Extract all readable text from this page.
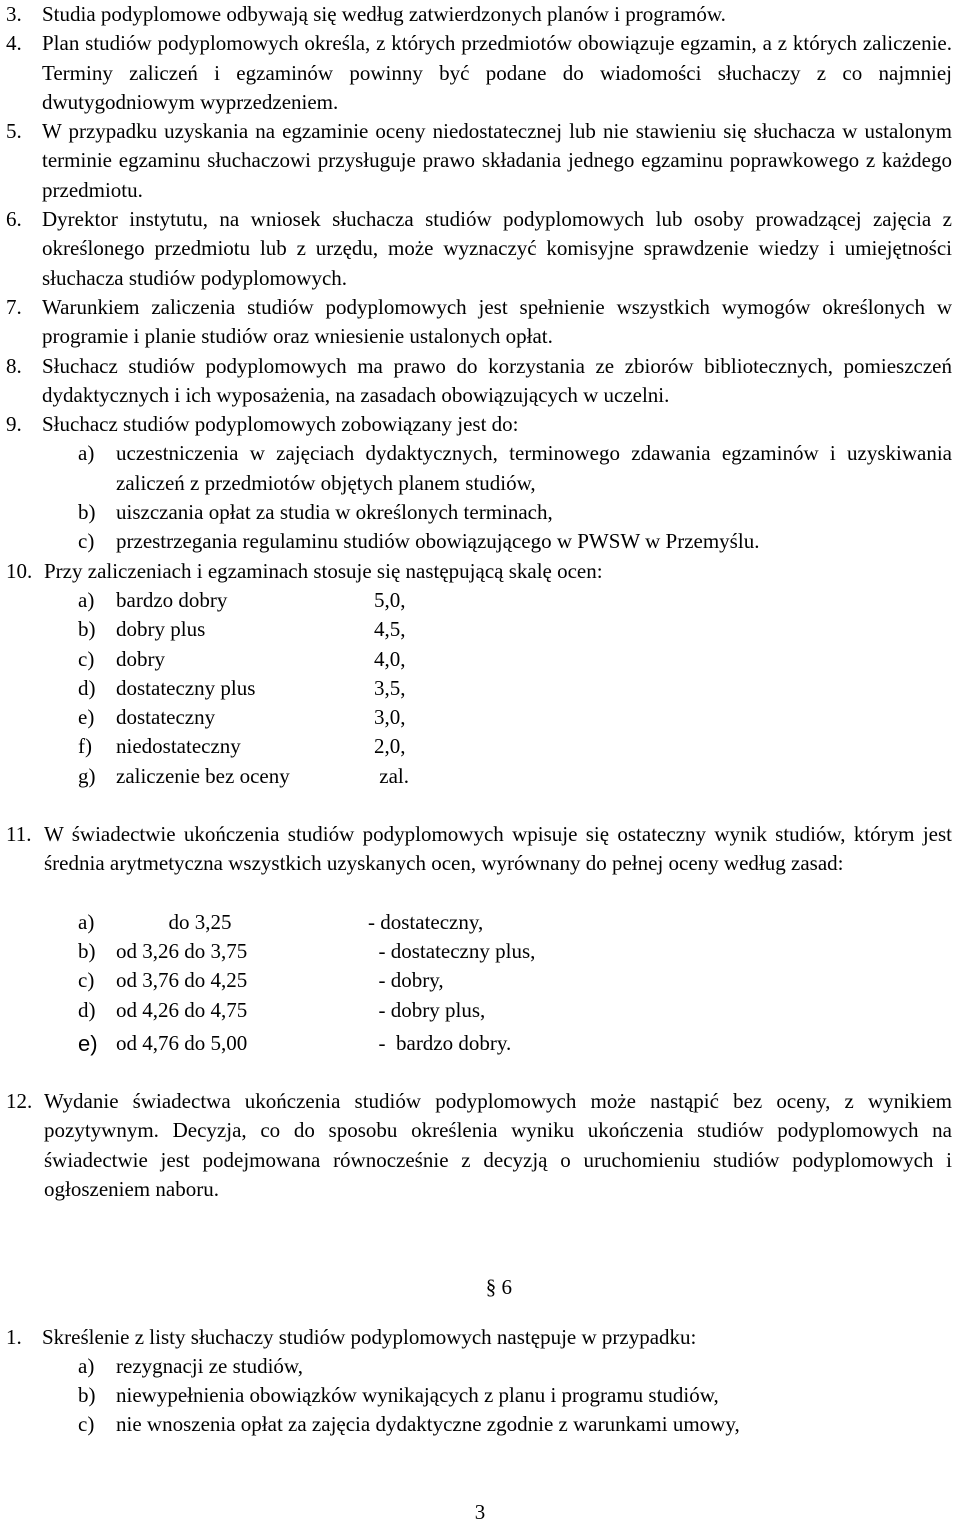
3. Studia podyplomowe odbywają się według zatwierdzonych planów i programów.
4. Plan studiów podyplomowych określa, z których przedmiotów obowiązuje egzamin, a z których zaliczenie. Terminy zaliczeń i egzaminów powinny być podane do wiadomości słuchaczy z co najmniej dwutygodniowym wyprzedzeniem.
5. W przypadku uzyskania na egzaminie oceny niedostatecznej lub nie stawieniu się słuchacza w ustalonym terminie egzaminu słuchaczowi przysługuje prawo składania jednego egzaminu poprawkowego z każdego przedmiotu.
6. Dyrektor instytutu, na wniosek słuchacza studiów podyplomowych lub osoby prowadzącej zajęcia z określonego przedmiotu lub z urzędu, może wyznaczyć komisyjne sprawdzenie wiedzy i umiejętności słuchacza studiów podyplomowych.
7. Warunkiem zaliczenia studiów podyplomowych jest spełnienie wszystkich wymogów określonych w programie i planie studiów oraz wniesienie ustalonych opłat.
8. Słuchacz studiów podyplomowych ma prawo do korzystania ze zbiorów bibliotecznych, pomieszczeń dydaktycznych i ich wyposażenia, na zasadach obowiązujących w uczelni.
9. Słuchacz studiów podyplomowych zobowiązany jest do:
a)	uczestniczenia w zajęciach dydaktycznych, terminowego zdawania egzaminów i uzyskiwania zaliczeń z przedmiotów objętych planem studiów,
b) uiszczania opłat za studia w określonych terminach,
c)	przestrzegania regulaminu studiów obowiązującego w PWSW w Przemyślu.
10. Przy zaliczeniach i egzaminach stosuje się następującą skalę ocen:
a)	bardzo dobry	5,0,
b) dobry plus	4,5,
c)	dobry	4,0,
d) dostateczny plus	3,5,
e)	dostateczny	3,0,
f)	niedostateczny	2,0,
g) zaliczenie bez oceny	zal.
11. W świadectwie ukończenia studiów podyplomowych wpisuje się ostateczny wynik studiów, którym jest średnia arytmetyczna wszystkich uzyskanych ocen, wyrównany do pełnej oceny według zasad:
a)	do 3,25	- dostateczny,
b) od 3,26 do 3,75	- dostateczny plus,
c)	od 3,76 do 4,25	- dobry,
d) od 4,26 do 4,75	- dobry plus,
e) od 4,76 do 5,00	-  bardzo dobry.
12. Wydanie świadectwa ukończenia studiów podyplomowych może nastąpić bez oceny, z wynikiem pozytywnym. Decyzja, co do sposobu określenia wyniku ukończenia studiów podyplomowych na świadectwie jest podejmowana równocześnie z decyzją o uruchomieniu studiów podyplomowych i ogłoszeniem naboru.
§ 6
1. Skreślenie z listy słuchaczy studiów podyplomowych następuje w przypadku:
a)	rezygnacji ze studiów,
b) niewypełnienia obowiązków wynikających z planu i programu studiów,
c)	nie wnoszenia opłat za zajęcia dydaktyczne zgodnie z warunkami umowy,
3
